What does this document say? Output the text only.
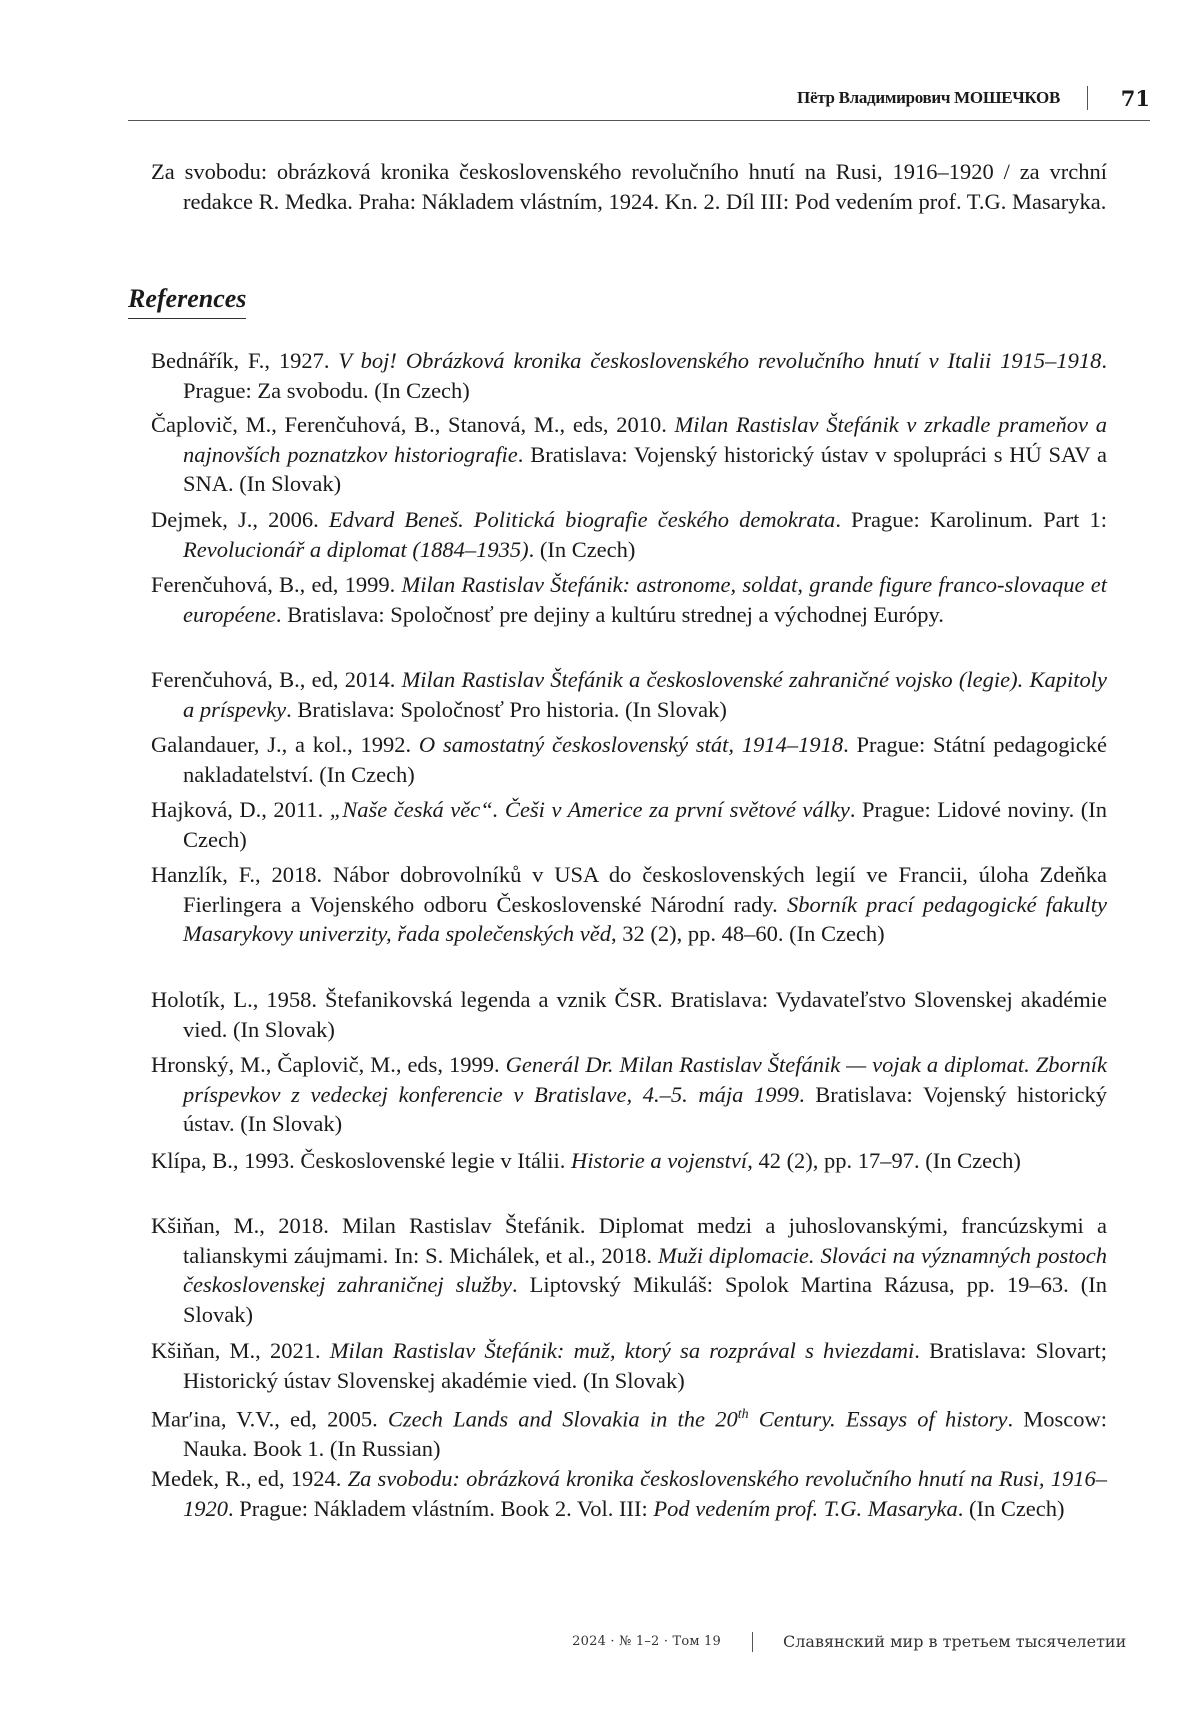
Пётр Владимирович МОШЕЧКОВ	71

Za svobodu: obrázková kronika československého revolučního hnutí na Rusi, 1916–1920 / za vrchní redakce R. Medka. Praha: Nákladem vlástním, 1924. Kn. 2. Díl III: Pod vedením prof. T.G. Masaryka.

References

Bednářík, F., 1927. V boj! Obrázková kronika československého revolučního hnutí v Italii 1915–1918. Prague: Za svobodu. (In Czech)

Čaplovič, M., Ferenčuhová, B., Stanová, M., eds, 2010. Milan Rastislav Štefánik v zrkadle prameňov a najnovších poznatzkov historiografie. Bratislava: Vojenský historický ústav v spolupráci s HÚ SAV a SNA. (In Slovak)

Dejmek, J., 2006. Edvard Beneš. Politická biografie českého demokrata. Prague: Karolinum. Part 1: Revolucionář a diplomat (1884–1935). (In Czech)

Ferenčuhová, B., ed, 1999. Milan Rastislav Štefánik: astronome, soldat, grande figure franco-slovaque et européene. Bratislava: Spoločnosť pre dejiny a kultúru strednej a východnej Európy.

Ferenčuhová, B., ed, 2014. Milan Rastislav Štefánik a československé zahraničné vojsko (legie). Kapitoly a príspevky. Bratislava: Spoločnosť Pro historia. (In Slovak)

Galandauer, J., a kol., 1992. O samostatný československý stát, 1914–1918. Prague: Státní pedagogické nakladatelství. (In Czech)

Hajková, D., 2011. „Naše česká věc“. Češi v Americe za první světové války. Prague: Lidové noviny. (In Czech)

Hanzlík, F., 2018. Nábor dobrovolníků v USA do československých legií ve Francii, úloha Zdeňka Fierlingera a Vojenského odboru Československé Národní rady. Sborník prací pedagogické fakulty Masarykovy univerzity, řada společenských věd, 32 (2), pp. 48–60. (In Czech)

Holotík, L., 1958. Štefanikovská legenda a vznik ČSR. Bratislava: Vydavateľstvo Slovenskej akadémie vied. (In Slovak)

Hronský, M., Čaplovič, M., eds, 1999. Generál Dr. Milan Rastislav Štefánik — vojak a diplomat. Zborník príspevkov z vedeckej konferencie v Bratislave, 4.–5. mája 1999. Bratislava: Vojenský historický ústav. (In Slovak)

Klípa, B., 1993. Československé legie v Itálii. Historie a vojenství, 42 (2), pp. 17–97. (In Czech)

Kšiňan, M., 2018. Milan Rastislav Štefánik. Diplomat medzi a juhoslovanskými, francúzskymi a talianskymi záujmami. In: S. Michálek, et al., 2018. Muži diplomacie. Slováci na významných postoch československej zahraničnej služby. Liptovský Mikuláš: Spolok Martina Rázusa, pp. 19–63. (In Slovak)

Kšiňan, M., 2021. Milan Rastislav Štefánik: muž, ktorý sa rozprával s hviezdami. Bratislava: Slovart; Historický ústav Slovenskej akadémie vied. (In Slovak)

Mar′ina, V.V., ed, 2005. Czech Lands and Slovakia in the 20th Century. Essays of history. Moscow: Nauka. Book 1. (In Russian)

Medek, R., ed, 1924. Za svobodu: obrázková kronika československého revolučního hnutí na Rusi, 1916–1920. Prague: Nákladem vlástním. Book 2. Vol. III: Pod vedením prof. T.G. Masaryka. (In Czech)

2024 · № 1–2 · Том 19	Славянский мир в третьем тысячелетии
